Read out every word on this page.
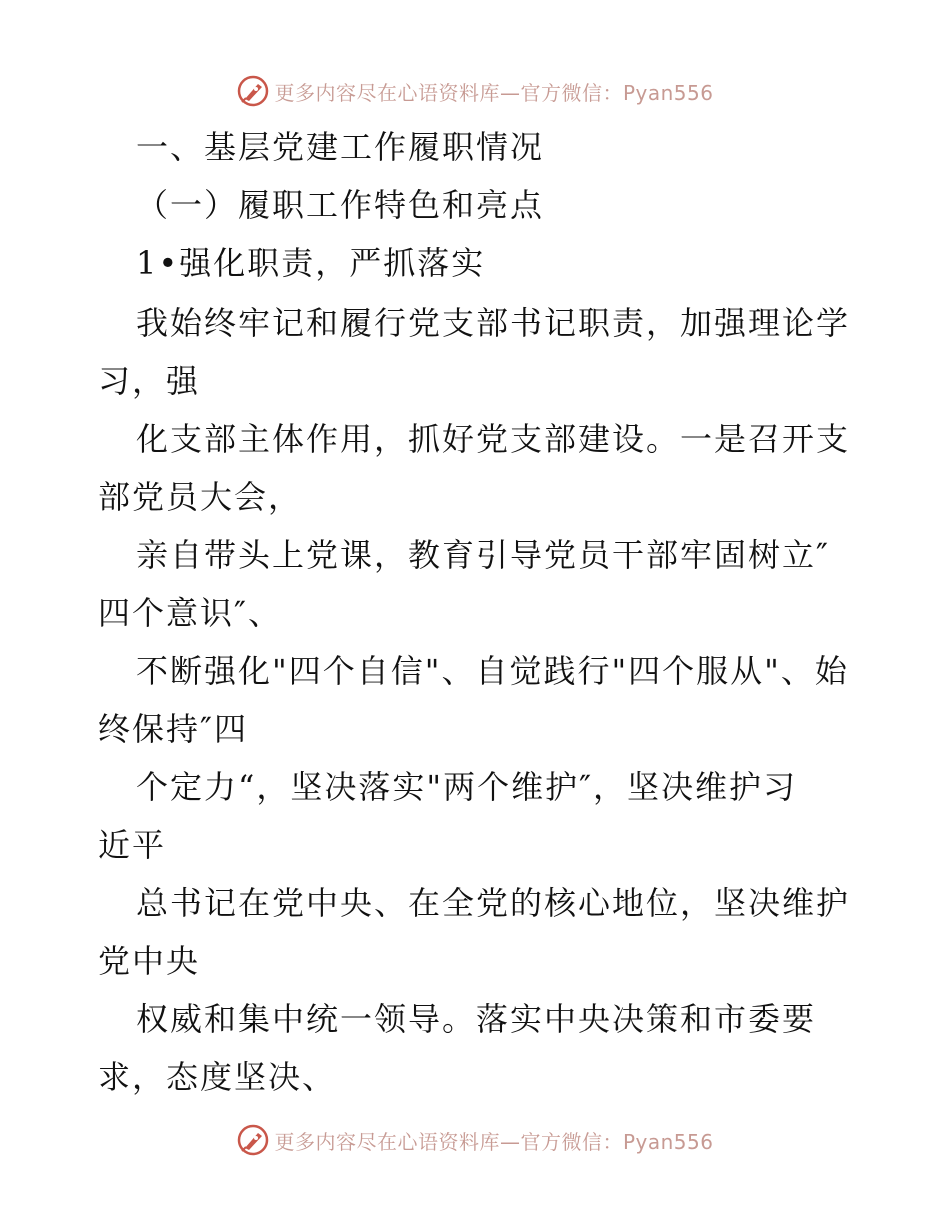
更多内容尽在心语资料库—官方微信：Pyan556
一、基层党建工作履职情况
（一）履职工作特色和亮点
1•强化职责，严抓落实
我始终牢记和履行党支部书记职责，加强理论学
习，强
化支部主体作用，抓好党支部建设。一是召开支
部党员大会，
亲自带头上党课，教育引导党员干部牢固树立″
四个意识″、
不断强化"四个自信"、自觉践行"四个服从"、始
终保持″四
个定力“，坚决落实"两个维护″，坚决维护习
近平
总书记在党中央、在全党的核心地位，坚决维护
党中央
权威和集中统一领导。落实中央决策和市委要
求，态度坚决、
更多内容尽在心语资料库—官方微信：Pyan556
